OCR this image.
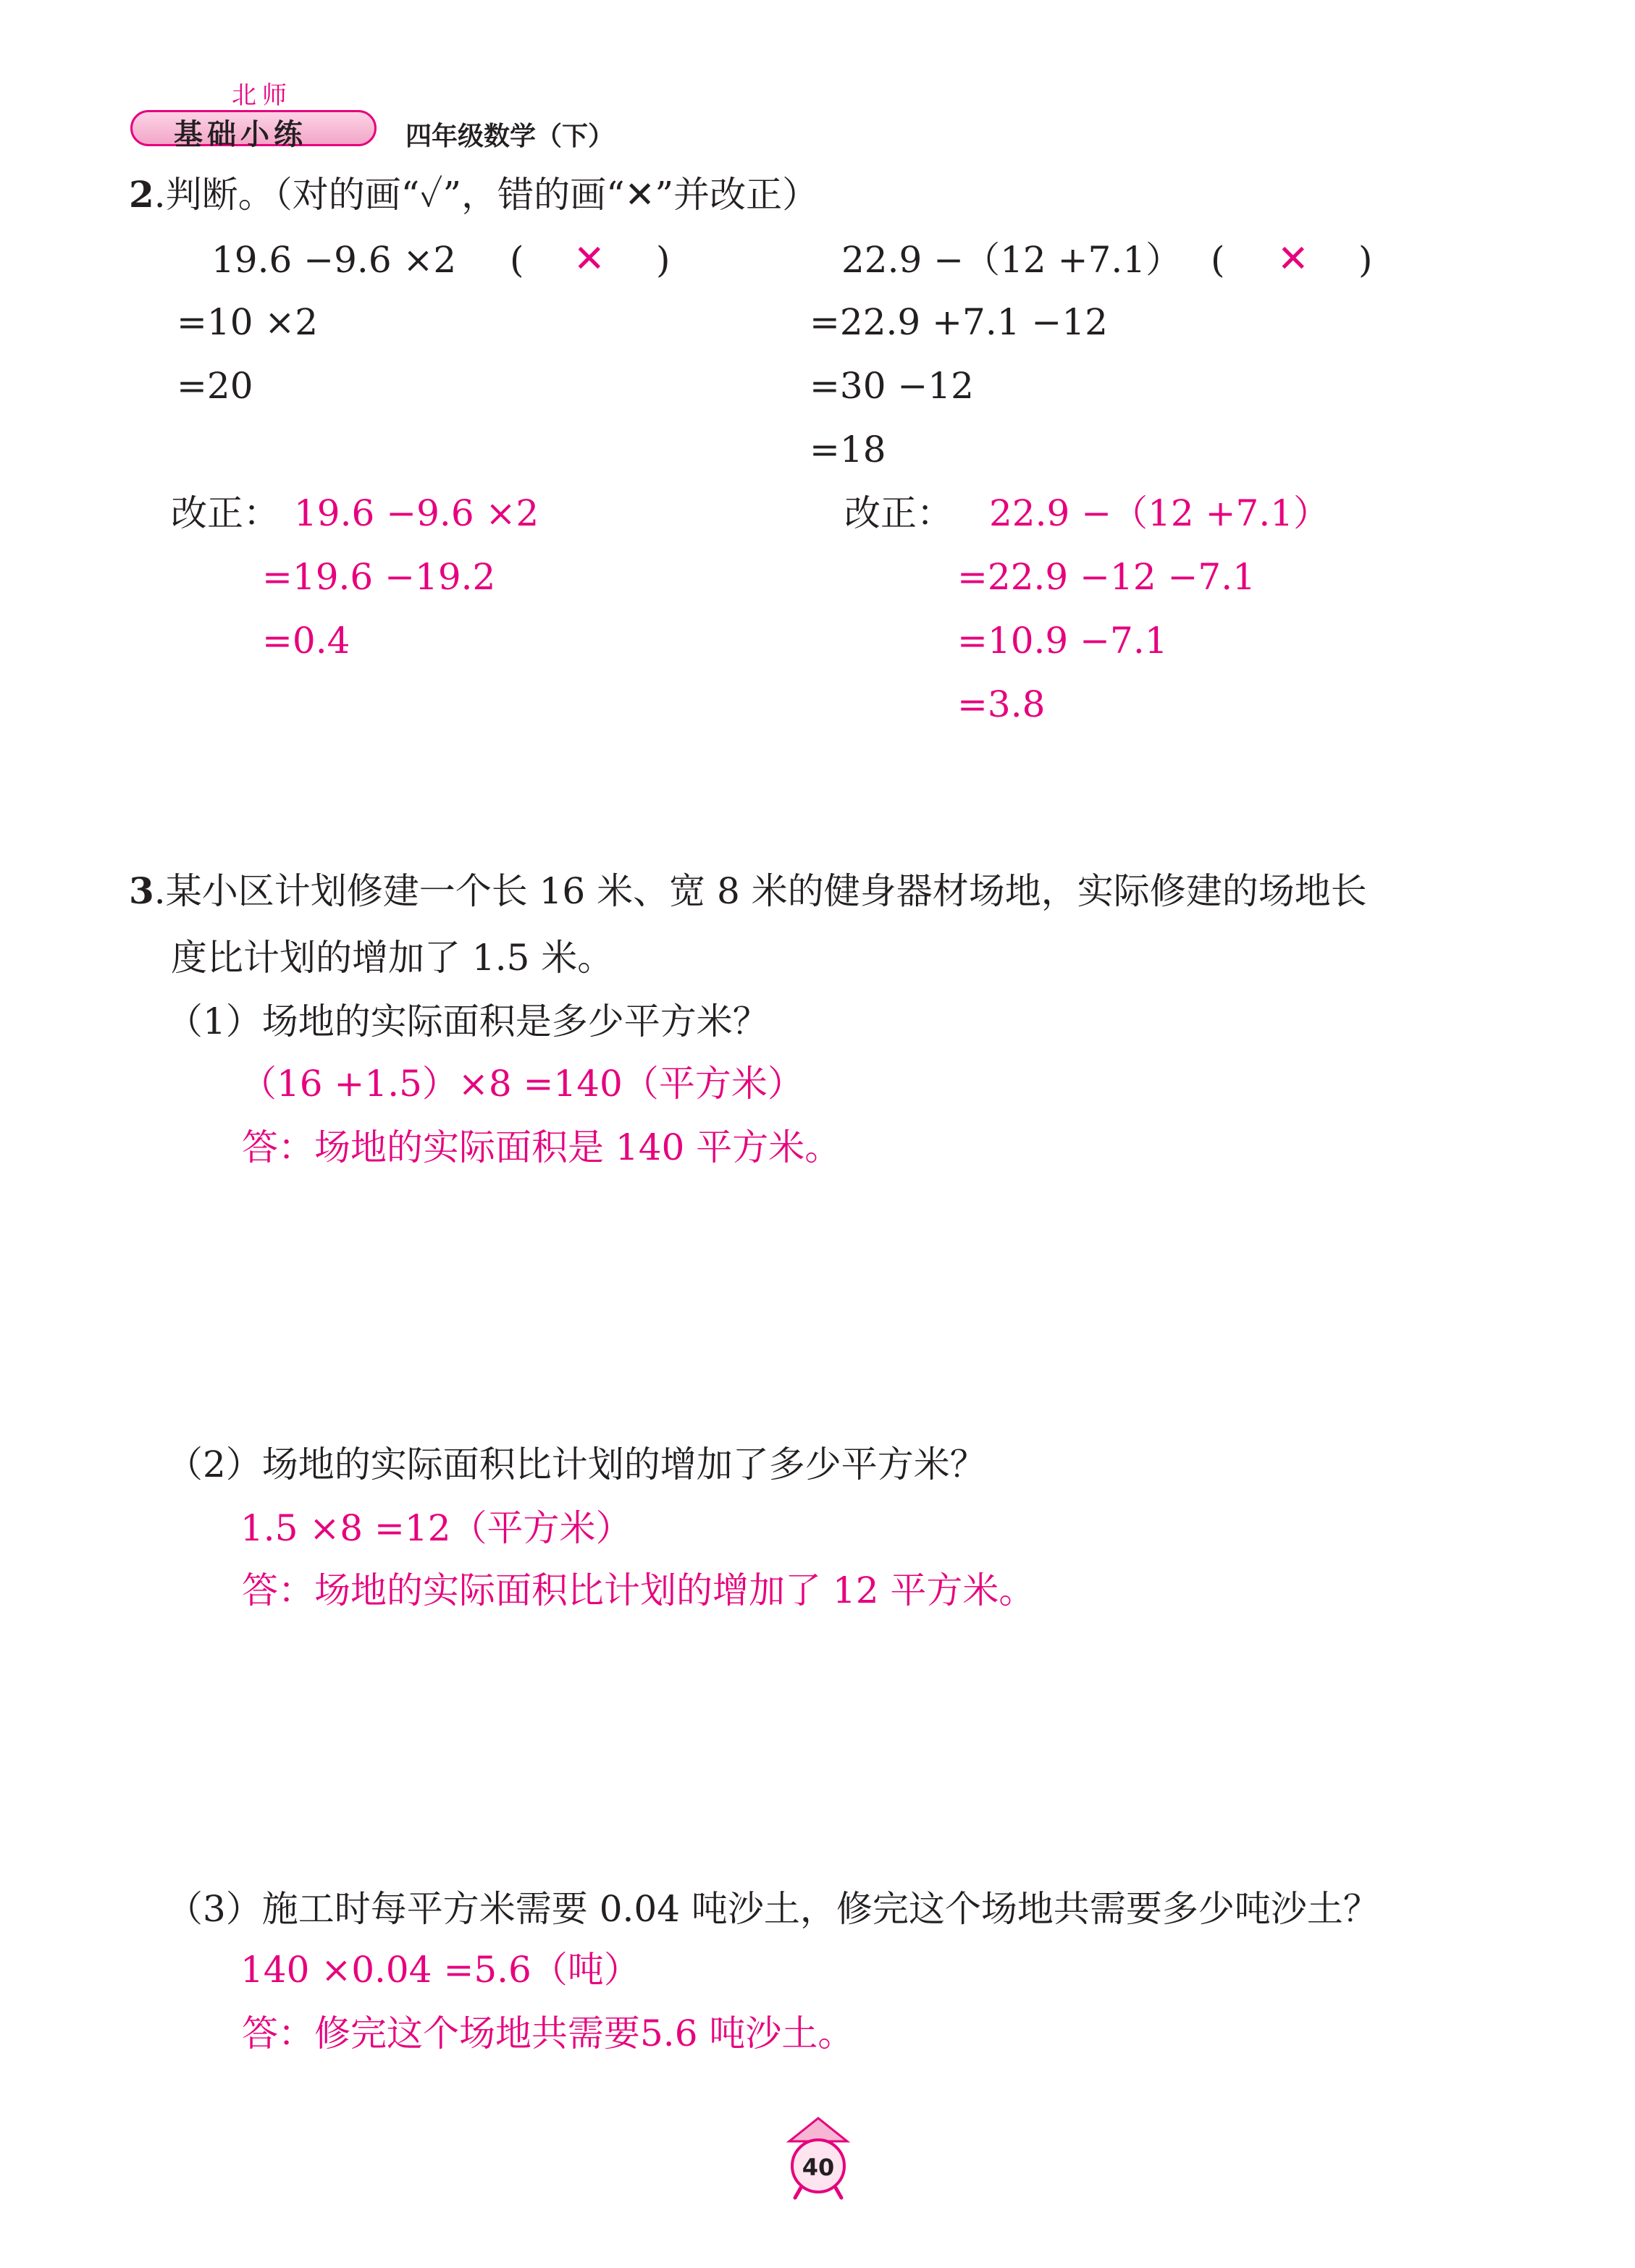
北师
基础小练	四年级数学（下）
2.判断。（对的画“✓”，错的画“✕”并改正）
19.6 −9.6 ×2 ( ✕ )
=10 ×2
=20
改正： 19.6 −9.6 ×2
=19.6 −19.2
=0.4
22.9 −（12 +7.1） ( ✕ )
=22.9 +7.1 −12
=30 −12
=18
改正： 22.9 −（12 +7.1）
=22.9 −12 −7.1
=10.9 −7.1
=3.8
3.某小区计划修建一个长 16 米、宽 8 米的健身器材场地，实际修建的场地长
度比计划的增加了 1.5 米。
（1）场地的实际面积是多少平方米？
（16 +1.5）×8 =140（平方米）
答：场地的实际面积是 140 平方米。
（2）场地的实际面积比计划的增加了多少平方米？
1.5 ×8 =12（平方米）
答：场地的实际面积比计划的增加了 12 平方米。
（3）施工时每平方米需要 0.04 吨沙土，修完这个场地共需要多少吨沙土？
140 ×0.04 =5.6（吨）
答：修完这个场地共需要5.6 吨沙土。
40
